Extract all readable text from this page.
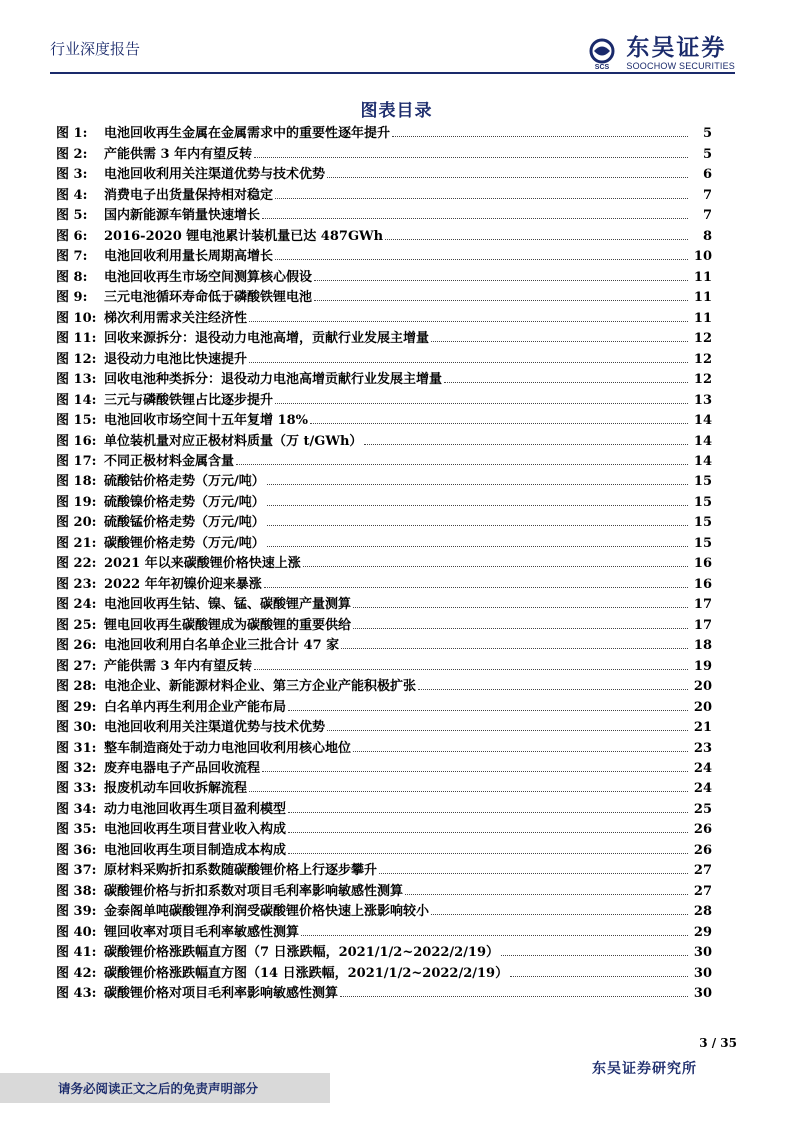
行业深度报告
SCS
东吴证券
SOOCHOW SECURITIES
图表目录
图 1:	电池回收再生金属在金属需求中的重要性逐年提升	5
图 2:	产能供需 3 年内有望反转	5
图 3:	电池回收利用关注渠道优势与技术优势	6
图 4:	消费电子出货量保持相对稳定	7
图 5:	国内新能源车销量快速增长	7
图 6:	2016-2020 锂电池累计装机量已达 487GWh	8
图 7:	电池回收利用量长周期高增长	10
图 8:	电池回收再生市场空间测算核心假设	11
图 9:	三元电池循环寿命低于磷酸铁锂电池	11
图 10: 梯次利用需求关注经济性	11
图 11: 回收来源拆分：退役动力电池高增，贡献行业发展主增量	12
图 12: 退役动力电池比快速提升	12
图 13: 回收电池种类拆分：退役动力电池高增贡献行业发展主增量	12
图 14: 三元与磷酸铁锂占比逐步提升	13
图 15: 电池回收市场空间十五年复增 18%	14
图 16: 单位装机量对应正极材料质量（万 t/GWh）	14
图 17: 不同正极材料金属含量	14
图 18: 硫酸钴价格走势（万元/吨）	15
图 19: 硫酸镍价格走势（万元/吨）	15
图 20: 硫酸锰价格走势（万元/吨）	15
图 21: 碳酸锂价格走势（万元/吨）	15
图 22: 2021 年以来碳酸锂价格快速上涨	16
图 23: 2022 年年初镍价迎来暴涨	16
图 24: 电池回收再生钴、镍、锰、碳酸锂产量测算	17
图 25: 锂电回收再生碳酸锂成为碳酸锂的重要供给	17
图 26: 电池回收利用白名单企业三批合计 47 家	18
图 27: 产能供需 3 年内有望反转	19
图 28: 电池企业、新能源材料企业、第三方企业产能积极扩张	20
图 29: 白名单内再生利用企业产能布局	20
图 30: 电池回收利用关注渠道优势与技术优势	21
图 31: 整车制造商处于动力电池回收利用核心地位	23
图 32: 废弃电器电子产品回收流程	24
图 33: 报废机动车回收拆解流程	24
图 34: 动力电池回收再生项目盈利模型	25
图 35: 电池回收再生项目营业收入构成	26
图 36: 电池回收再生项目制造成本构成	26
图 37: 原材料采购折扣系数随碳酸锂价格上行逐步攀升	27
图 38: 碳酸锂价格与折扣系数对项目毛利率影响敏感性测算	27
图 39: 金泰阁单吨碳酸锂净利润受碳酸锂价格快速上涨影响较小	28
图 40: 锂回收率对项目毛利率敏感性测算	29
图 41: 碳酸锂价格涨跌幅直方图（7 日涨跌幅，2021/1/2~2022/2/19）	30
图 42: 碳酸锂价格涨跌幅直方图（14 日涨跌幅，2021/1/2~2022/2/19）	30
图 43: 碳酸锂价格对项目毛利率影响敏感性测算	30
3 / 35
东吴证券研究所
请务必阅读正文之后的免责声明部分
